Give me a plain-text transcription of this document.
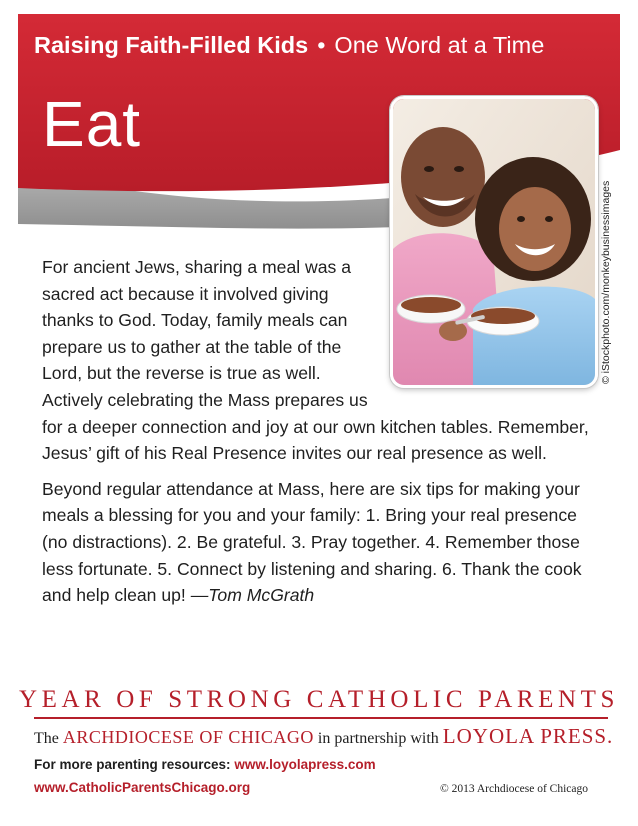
Raising Faith-Filled Kids • One Word at a Time
Eat
© iStockphoto.com/monkeybusinessimages

For ancient Jews, sharing a meal was a sacred act because it involved giving thanks to God. Today, family meals can prepare us to gather at the table of the Lord, but the reverse is true as well. Actively celebrating the Mass prepares us for a deeper connection and joy at our own kitchen tables. Remember, Jesus’ gift of his Real Presence invites our real presence as well.

Beyond regular attendance at Mass, here are six tips for making your meals a blessing for you and your family: 1. Bring your real presence (no distractions). 2. Be grateful. 3. Pray together. 4. Remember those less fortunate. 5. Connect by listening and sharing. 6. Thank the cook and help clean up! —Tom McGrath

YEAR OF STRONG CATHOLIC PARENTS
The ARCHDIOCESE OF CHICAGO in partnership with LOYOLA PRESS.
For more parenting resources: www.loyolapress.com
www.CatholicParentsChicago.org	© 2013 Archdiocese of Chicago
